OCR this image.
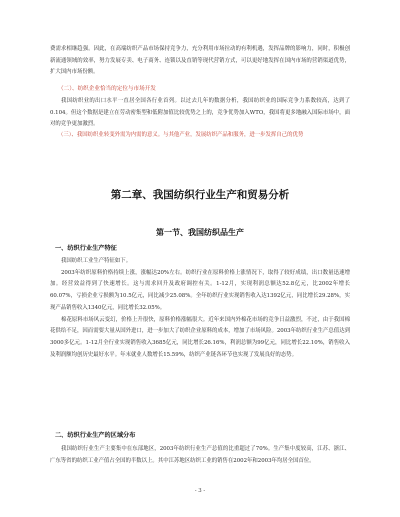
费需求相继趋强。因此，在高端纺织产品市场保持竞争力，充分利用市场拉动的有利机遇，发挥品牌的影响力，同时，积极创新流通领域的效率，努力发展专卖、电子商务、连锁以及直销等现代营销方式，可以更好地发挥在国内市场的营销渠道优势，扩大国内市场份额。

（二）、纺织企业恰当的定位与市场开发

我国纺织业的出口水平一直居全国各行业首列。以过去几年的数据分析，我国纺织业的国际竞争力系数较高，达到了0.104。但这个数据是建立在劳动密集型和低附加值比较优势之上的，竞争优势加入WTO，我国将更多地融入国际市场中，面对的竞争更加激烈。

（三）、我国纺织业转变外需为内需的意义。与其他产业，发展纺织产品和服务，进一步发挥自己的优势

第二章、我国纺织行业生产和贸易分析
第一节、我国纺织品生产
一、纺织行业生产特征

我国纺织工业生产特征如下。

2003年纺织原料价格持续上涨，涨幅达20%左右。纺织行业在原料价格上涨情况下，取得了较好成绩，出口数量迅速增加。经营效益得到了快速增长。这与需求回升及政府调控有关。1-12月，实现利润总额达52.8亿元，比2002年增长60.07%，亏损企业亏损额为10.5亿元，同比减少25.08%。全年纺织行业实现销售收入达1392亿元，同比增长29.28%，实现产品销售收入1340亿元，同比增长32.05%。

棉花原料市场风云变幻，价格上升很快，原料价格涨幅很大。近年来国内外棉花市场的竞争日益激烈，不过，由于我国棉花供给不足，因而需要大量从国外进口，进一步加大了纺织企业原料的成本，增加了市场风险。2003年纺织行业生产总值达到3000多亿元。1-12月全行业实现销售收入3685亿元，同比增长26.16%，利润总额为99亿元，同比增长22.10%，销售收入及利润额均创历史最好水平。年末就业人数增长15.59%，纺织产业链各环节也实现了发展良好的态势。

二、纺织行业生产的区域分布

我国纺织行业生产主要集中在东部地区，2003年纺织行业生产总值的比重超过了70%。生产集中度较高，江苏、浙江、广东等省的纺织工业产值占全国的半数以上。其中江苏地区纺织工业的销售在2002年和2003年均居全国首位。

- 3 -
